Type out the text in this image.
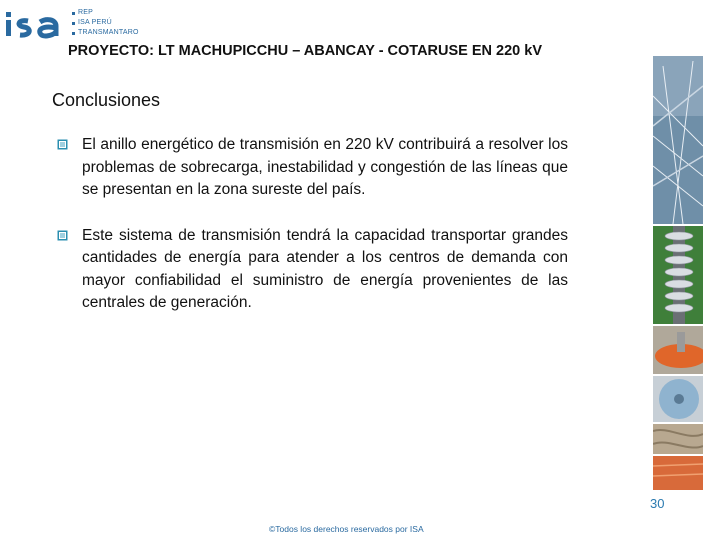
REP
ISA PERÚ
TRANSMANTARO
PROYECTO: LT MACHUPICCHU – ABANCAY - COTARUSE EN 220 kV
Conclusiones
El anillo energético de transmisión en 220 kV contribuirá a resolver los problemas de sobrecarga, inestabilidad y congestión de las líneas que se presentan en la zona sureste del país.
Este sistema de transmisión tendrá la capacidad transportar grandes cantidades de energía para atender a los centros de demanda con mayor confiabilidad el suministro de energía provenientes de las centrales de generación.
30
©Todos los derechos reservados por ISA
